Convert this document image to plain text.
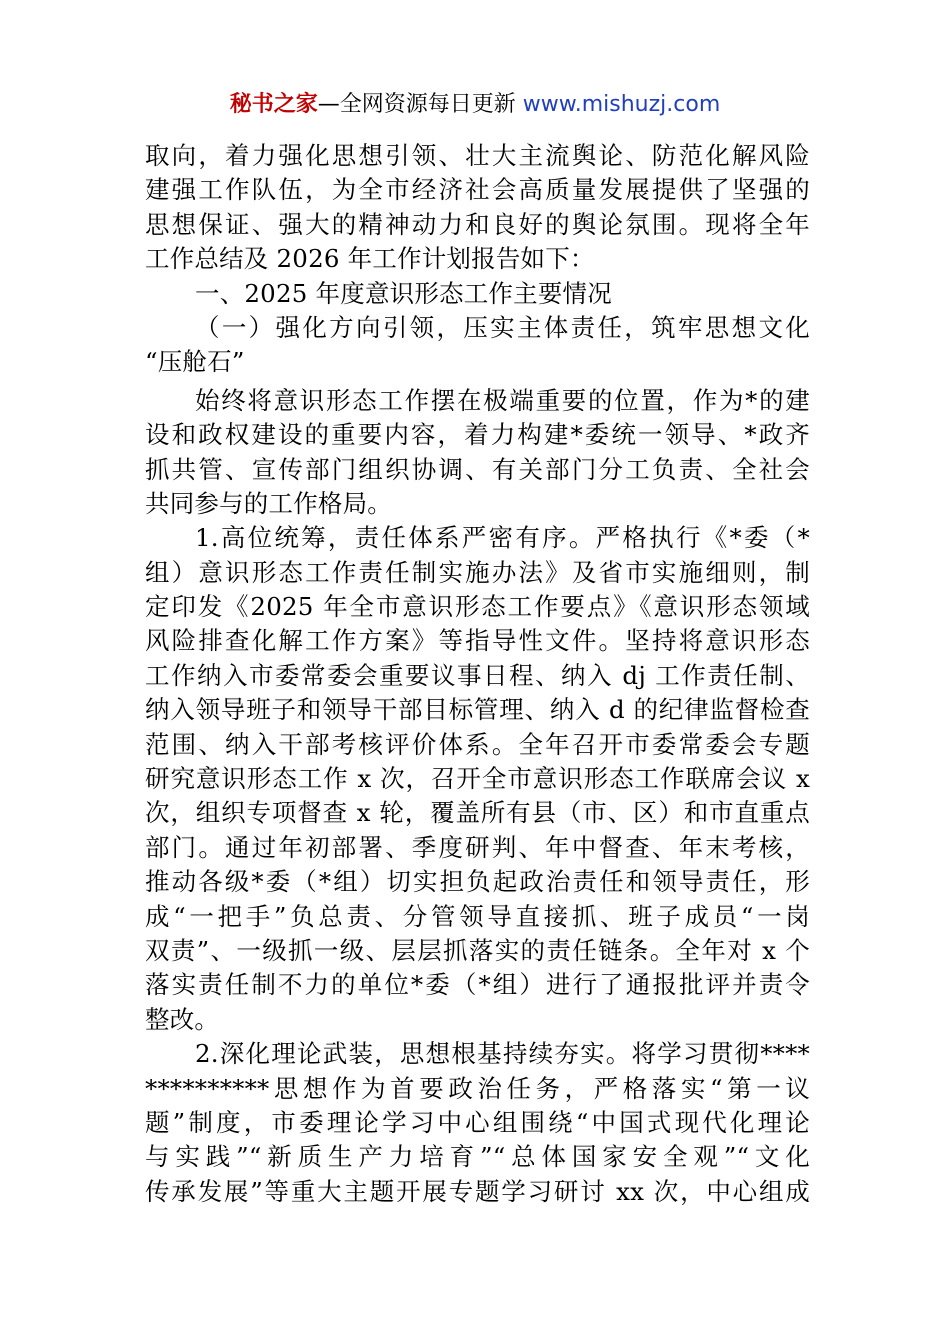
秘书之家—全网资源每日更新 www.mishuzj.com
取向，着力强化思想引领、壮大主流舆论、防范化解风险
建强工作队伍，为全市经济社会高质量发展提供了坚强的
思想保证、强大的精神动力和良好的舆论氛围。现将全年
工作总结及 2026 年工作计划报告如下：
一、2025 年度意识形态工作主要情况
（一）强化方向引领，压实主体责任，筑牢思想文化
“压舱石”
始终将意识形态工作摆在极端重要的位置，作为*的建
设和政权建设的重要内容，着力构建*委统一领导、*政齐
抓共管、宣传部门组织协调、有关部门分工负责、全社会
共同参与的工作格局。
1.高位统筹，责任体系严密有序。严格执行《*委（*
组）意识形态工作责任制实施办法》及省市实施细则，制
定印发《2025 年全市意识形态工作要点》《意识形态领域
风险排查化解工作方案》等指导性文件。坚持将意识形态
工作纳入市委常委会重要议事日程、纳入 dj 工作责任制、
纳入领导班子和领导干部目标管理、纳入 d 的纪律监督检查
范围、纳入干部考核评价体系。全年召开市委常委会专题
研究意识形态工作 x 次，召开全市意识形态工作联席会议 x
次，组织专项督查 x 轮，覆盖所有县（市、区）和市直重点
部门。通过年初部署、季度研判、年中督查、年末考核，
推动各级*委（*组）切实担负起政治责任和领导责任，形
成“一把手”负总责、分管领导直接抓、班子成员“一岗
双责”、一级抓一级、层层抓落实的责任链条。全年对 x 个
落实责任制不力的单位*委（*组）进行了通报批评并责令
整改。
2.深化理论武装，思想根基持续夯实。将学习贯彻****
**********思想作为首要政治任务，严格落实“第一议
题”制度，市委理论学习中心组围绕“中国式现代化理论
与实践”“新质生产力培育”“总体国家安全观”“文化
传承发展”等重大主题开展专题学习研讨 xx 次，中心组成
